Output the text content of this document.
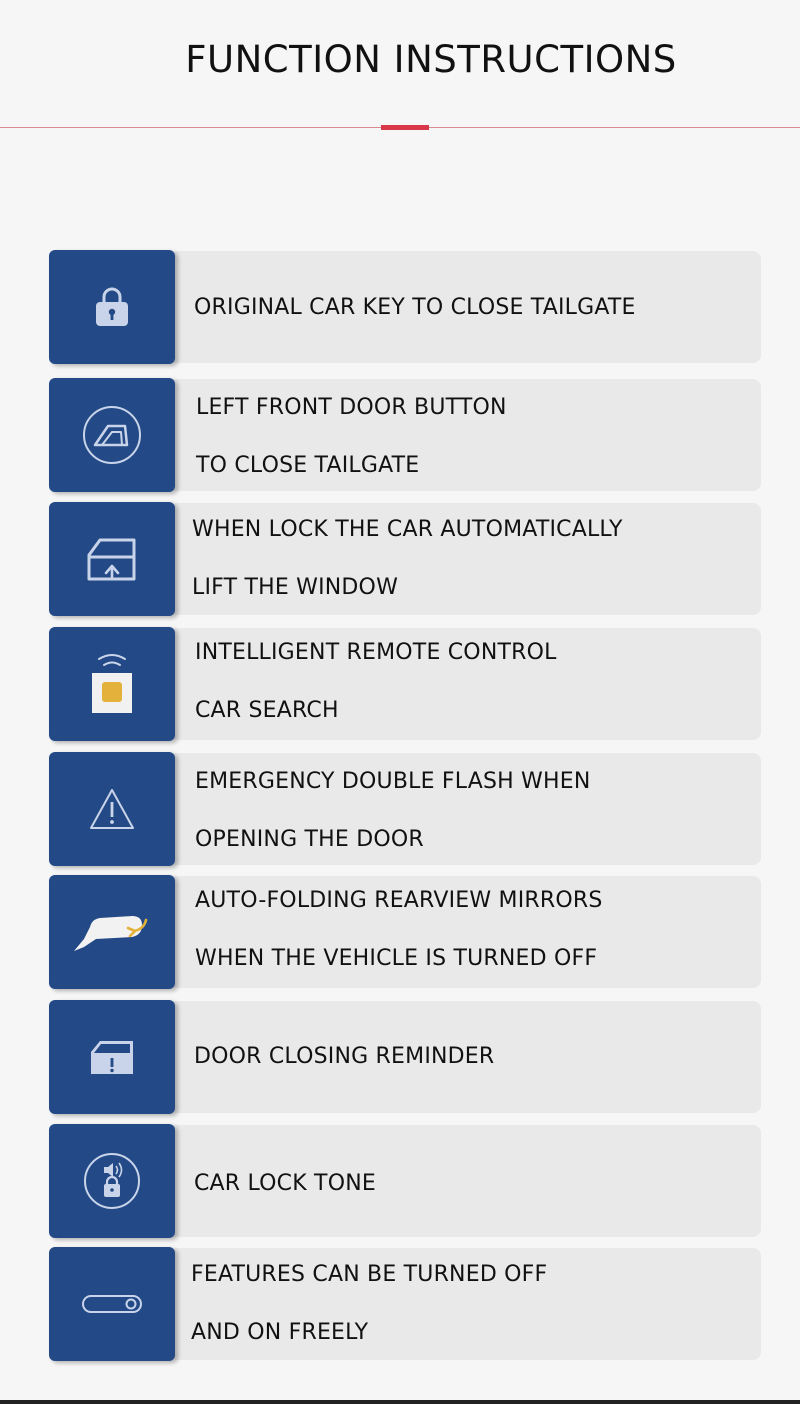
FUNCTION INSTRUCTIONS
ORIGINAL CAR KEY TO CLOSE TAILGATE
LEFT FRONT DOOR BUTTON
TO CLOSE TAILGATE
WHEN LOCK THE CAR AUTOMATICALLY
LIFT THE WINDOW
INTELLIGENT REMOTE CONTROL
CAR SEARCH
EMERGENCY DOUBLE FLASH WHEN
OPENING THE DOOR
AUTO-FOLDING REARVIEW MIRRORS
WHEN THE VEHICLE IS TURNED OFF
DOOR CLOSING REMINDER
CAR LOCK TONE
FEATURES CAN BE TURNED OFF
AND ON FREELY
